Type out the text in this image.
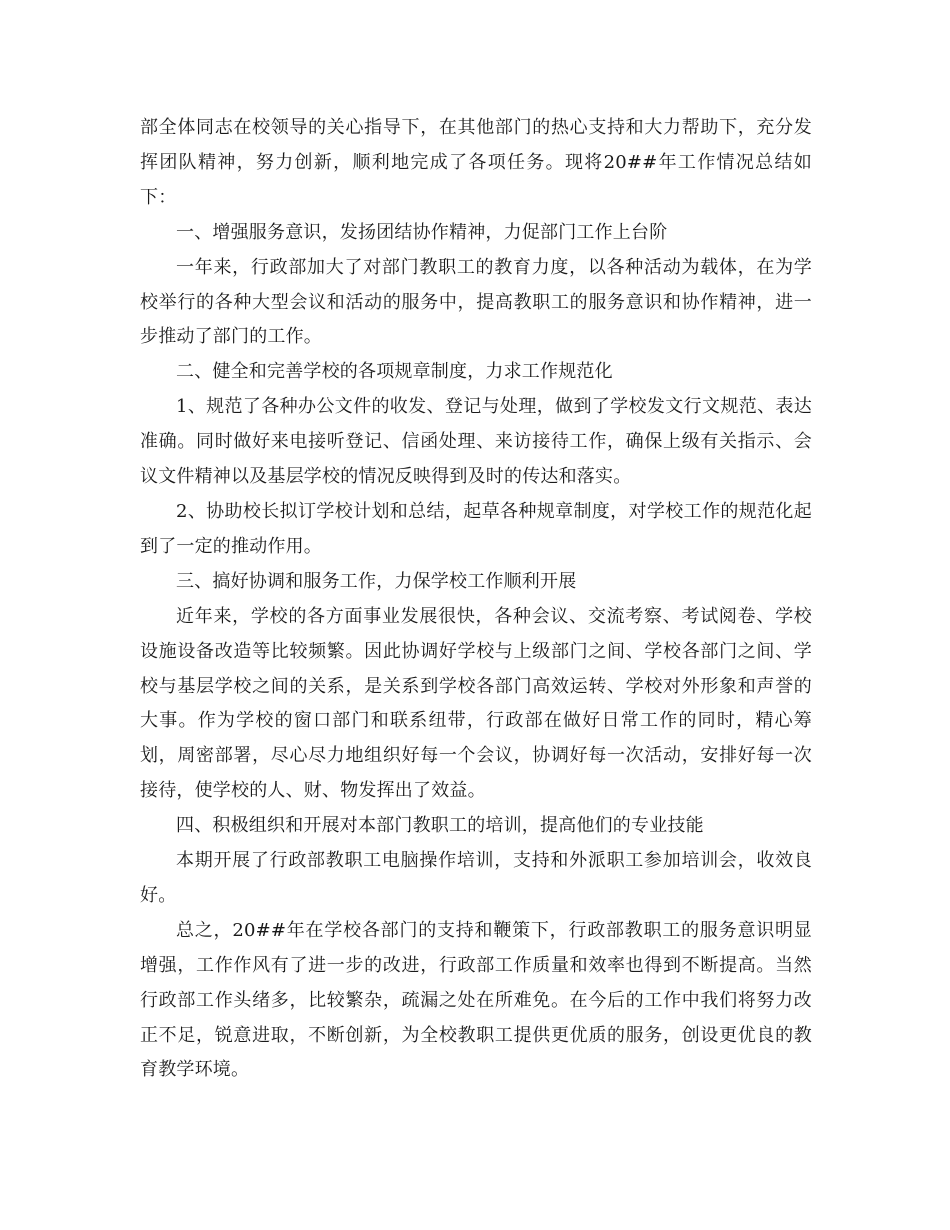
部全体同志在校领导的关心指导下，在其他部门的热心支持和大力帮助下，充分发挥团队精神，努力创新，顺利地完成了各项任务。现将20##年工作情况总结如下：

一、增强服务意识，发扬团结协作精神，力促部门工作上台阶

一年来，行政部加大了对部门教职工的教育力度，以各种活动为载体，在为学校举行的各种大型会议和活动的服务中，提高教职工的服务意识和协作精神，进一步推动了部门的工作。

二、健全和完善学校的各项规章制度，力求工作规范化

1、规范了各种办公文件的收发、登记与处理，做到了学校发文行文规范、表达准确。同时做好来电接听登记、信函处理、来访接待工作，确保上级有关指示、会议文件精神以及基层学校的情况反映得到及时的传达和落实。

2、协助校长拟订学校计划和总结，起草各种规章制度，对学校工作的规范化起到了一定的推动作用。

三、搞好协调和服务工作，力保学校工作顺利开展

近年来，学校的各方面事业发展很快，各种会议、交流考察、考试阅卷、学校设施设备改造等比较频繁。因此协调好学校与上级部门之间、学校各部门之间、学校与基层学校之间的关系，是关系到学校各部门高效运转、学校对外形象和声誉的大事。作为学校的窗口部门和联系纽带，行政部在做好日常工作的同时，精心筹划，周密部署，尽心尽力地组织好每一个会议，协调好每一次活动，安排好每一次接待，使学校的人、财、物发挥出了效益。

四、积极组织和开展对本部门教职工的培训，提高他们的专业技能

本期开展了行政部教职工电脑操作培训，支持和外派职工参加培训会，收效良好。

总之，20##年在学校各部门的支持和鞭策下，行政部教职工的服务意识明显增强，工作作风有了进一步的改进，行政部工作质量和效率也得到不断提高。当然行政部工作头绪多，比较繁杂，疏漏之处在所难免。在今后的工作中我们将努力改正不足，锐意进取，不断创新，为全校教职工提供更优质的服务，创设更优良的教育教学环境。
